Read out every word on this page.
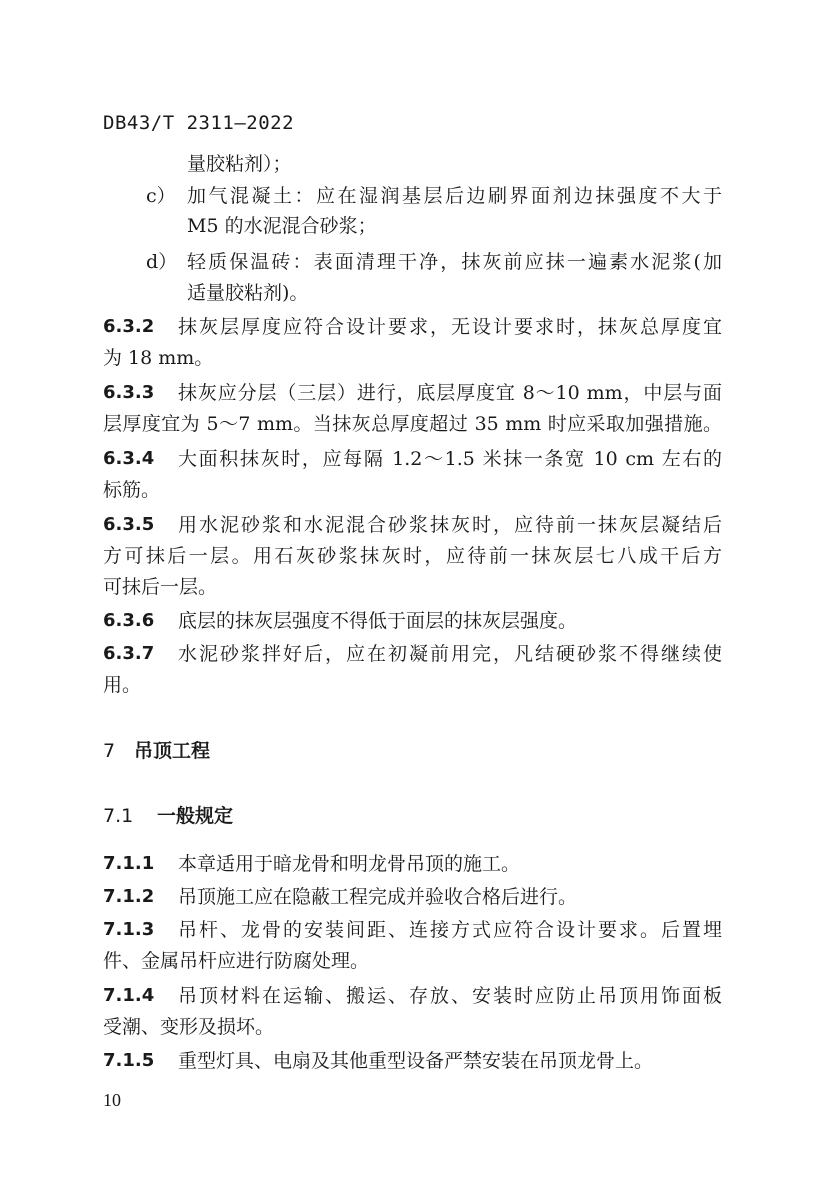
DB43/T 2311—2022
量胶粘剂）；
c） 加气混凝土：应在湿润基层后边刷界面剂边抹强度不大于
M5 的水泥混合砂浆；
d） 轻质保温砖：表面清理干净，抹灰前应抹一遍素水泥浆(加
适量胶粘剂)。
6.3.2 抹灰层厚度应符合设计要求，无设计要求时，抹灰总厚度宜
为 18 mm。
6.3.3 抹灰应分层（三层）进行，底层厚度宜 8～10 mm，中层与面
层厚度宜为 5～7 mm。当抹灰总厚度超过 35 mm 时应采取加强措施。
6.3.4 大面积抹灰时，应每隔 1.2～1.5 米抹一条宽 10 cm 左右的
标筋。
6.3.5 用水泥砂浆和水泥混合砂浆抹灰时，应待前一抹灰层凝结后
方可抹后一层。用石灰砂浆抹灰时，应待前一抹灰层七八成干后方
可抹后一层。
6.3.6 底层的抹灰层强度不得低于面层的抹灰层强度。
6.3.7 水泥砂浆拌好后，应在初凝前用完，凡结硬砂浆不得继续使
用。
7 吊顶工程
7.1 一般规定
7.1.1 本章适用于暗龙骨和明龙骨吊顶的施工。
7.1.2 吊顶施工应在隐蔽工程完成并验收合格后进行。
7.1.3 吊杆、龙骨的安装间距、连接方式应符合设计要求。后置埋
件、金属吊杆应进行防腐处理。
7.1.4 吊顶材料在运输、搬运、存放、安装时应防止吊顶用饰面板
受潮、变形及损坏。
7.1.5 重型灯具、电扇及其他重型设备严禁安装在吊顶龙骨上。
10
